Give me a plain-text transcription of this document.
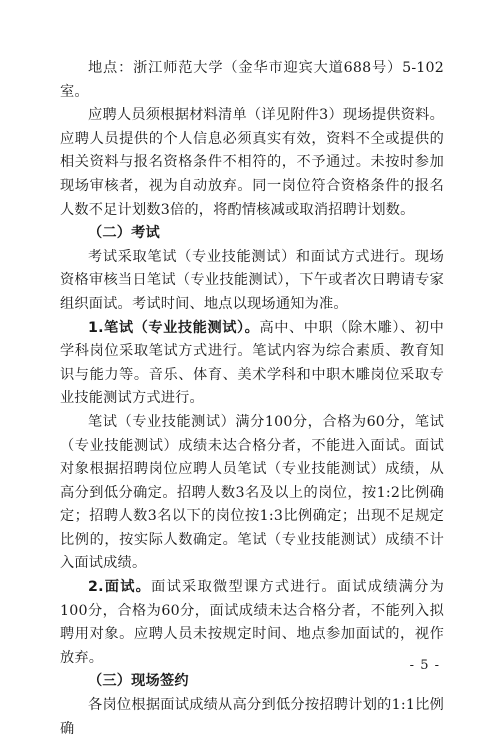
地点：浙江师范大学（金华市迎宾大道688号）5-102室。

应聘人员须根据材料清单（详见附件3）现场提供资料。应聘人员提供的个人信息必须真实有效，资料不全或提供的相关资料与报名资格条件不相符的，不予通过。未按时参加现场审核者，视为自动放弃。同一岗位符合资格条件的报名人数不足计划数3倍的，将酌情核减或取消招聘计划数。

（二）考试

考试采取笔试（专业技能测试）和面试方式进行。现场资格审核当日笔试（专业技能测试），下午或者次日聘请专家组织面试。考试时间、地点以现场通知为准。

1.笔试（专业技能测试）。高中、中职（除木雕）、初中学科岗位采取笔试方式进行。笔试内容为综合素质、教育知识与能力等。音乐、体育、美术学科和中职木雕岗位采取专业技能测试方式进行。

笔试（专业技能测试）满分100分，合格为60分，笔试（专业技能测试）成绩未达合格分者，不能进入面试。面试对象根据招聘岗位应聘人员笔试（专业技能测试）成绩，从高分到低分确定。招聘人数3名及以上的岗位，按1:2比例确定；招聘人数3名以下的岗位按1:3比例确定；出现不足规定比例的，按实际人数确定。笔试（专业技能测试）成绩不计入面试成绩。

2.面试。面试采取微型课方式进行。面试成绩满分为100分，合格为60分，面试成绩未达合格分者，不能列入拟聘用对象。应聘人员未按规定时间、地点参加面试的，视作放弃。

（三）现场签约

各岗位根据面试成绩从高分到低分按招聘计划的1:1比例确

- 5 -
